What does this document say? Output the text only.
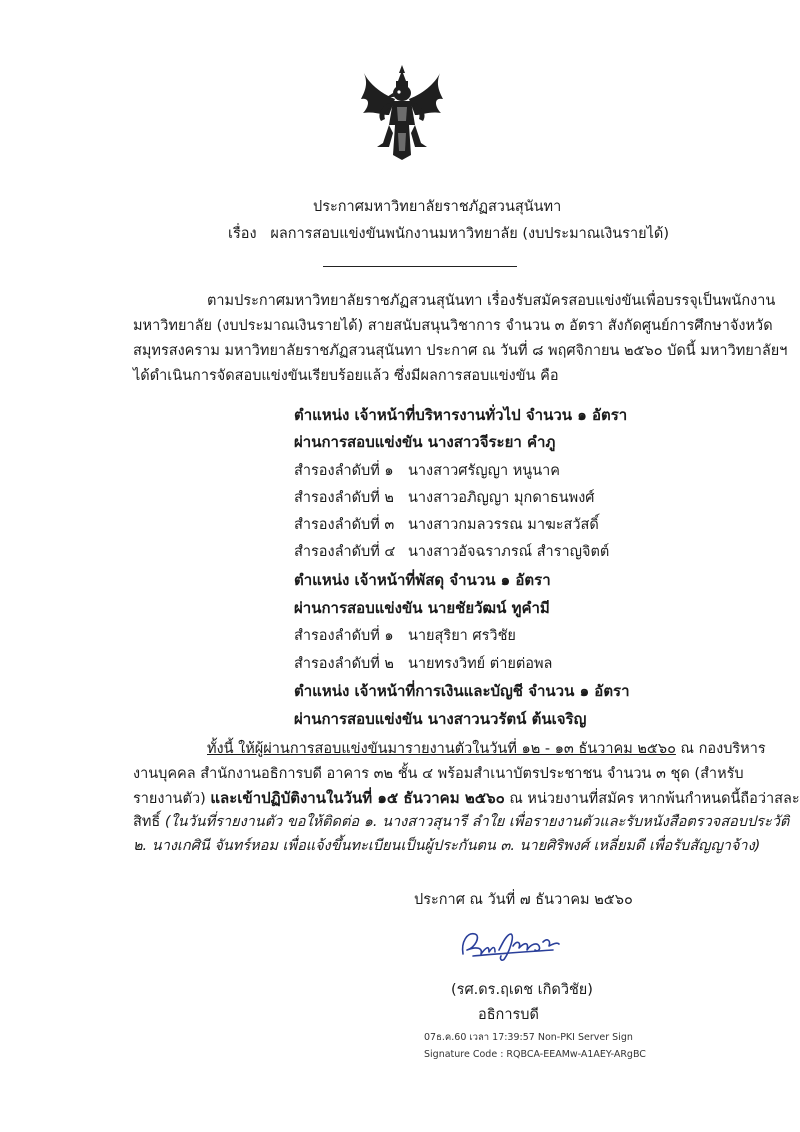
ประกาศมหาวิทยาลัยราชภัฏสวนสุนันทา
เรื่อง ผลการสอบแข่งขันพนักงานมหาวิทยาลัย (งบประมาณเงินรายได้)
ตามประกาศมหาวิทยาลัยราชภัฏสวนสุนันทา เรื่องรับสมัครสอบแข่งขันเพื่อบรรจุเป็นพนักงาน
มหาวิทยาลัย (งบประมาณเงินรายได้) สายสนับสนุนวิชาการ จำนวน ๓ อัตรา สังกัดศูนย์การศึกษาจังหวัด
สมุทรสงคราม มหาวิทยาลัยราชภัฏสวนสุนันทา ประกาศ ณ วันที่ ๘ พฤศจิกายน ๒๕๖๐ บัดนี้ มหาวิทยาลัยฯ
ได้ดำเนินการจัดสอบแข่งขันเรียบร้อยแล้ว ซึ่งมีผลการสอบแข่งขัน คือ
ตำแหน่ง เจ้าหน้าที่บริหารงานทั่วไป จำนวน ๑ อัตรา
ผ่านการสอบแข่งขัน นางสาวจีระยา คำภู
สำรองลำดับที่ ๑ นางสาวศรัญญา หนูนาค
สำรองลำดับที่ ๒ นางสาวอภิญญา มุกดาธนพงศ์
สำรองลำดับที่ ๓ นางสาวกมลวรรณ มาฆะสวัสดิ์
สำรองลำดับที่ ๔ นางสาวอัจฉราภรณ์ สำราญจิตต์
ตำแหน่ง เจ้าหน้าที่พัสดุ จำนวน ๑ อัตรา
ผ่านการสอบแข่งขัน นายชัยวัฒน์ ทูคำมี
สำรองลำดับที่ ๑ นายสุริยา ศรวิชัย
สำรองลำดับที่ ๒ นายทรงวิทย์ ต่ายต่อพล
ตำแหน่ง เจ้าหน้าที่การเงินและบัญชี จำนวน ๑ อัตรา
ผ่านการสอบแข่งขัน นางสาวนวรัตน์ ต้นเจริญ
ทั้งนี้ ให้ผู้ผ่านการสอบแข่งขันมารายงานตัวในวันที่ ๑๒ - ๑๓ ธันวาคม ๒๕๖๐ ณ กองบริหาร
งานบุคคล สำนักงานอธิการบดี อาคาร ๓๒ ชั้น ๔ พร้อมสำเนาบัตรประชาชน จำนวน ๓ ชุด (สำหรับ
รายงานตัว) และเข้าปฏิบัติงานในวันที่ ๑๕ ธันวาคม ๒๕๖๐ ณ หน่วยงานที่สมัคร หากพ้นกำหนดนี้ถือว่าสละ
สิทธิ์ (ในวันที่รายงานตัว ขอให้ติดต่อ ๑. นางสาวสุนารี ลำใย เพื่อรายงานตัวและรับหนังสือตรวจสอบประวัติ
๒. นางเกศินี จันทร์หอม เพื่อแจ้งขึ้นทะเบียนเป็นผู้ประกันตน ๓. นายศิริพงศ์ เหลี่ยมดี เพื่อรับสัญญาจ้าง)
ประกาศ ณ วันที่ ๗ ธันวาคม ๒๕๖๐
(รศ.ดร.ฤเดช เกิดวิชัย)
อธิการบดี
07ธ.ค.60 เวลา 17:39:57 Non-PKI Server Sign
Signature Code : RQBCA-EEAMw-A1AEY-ARgBC
